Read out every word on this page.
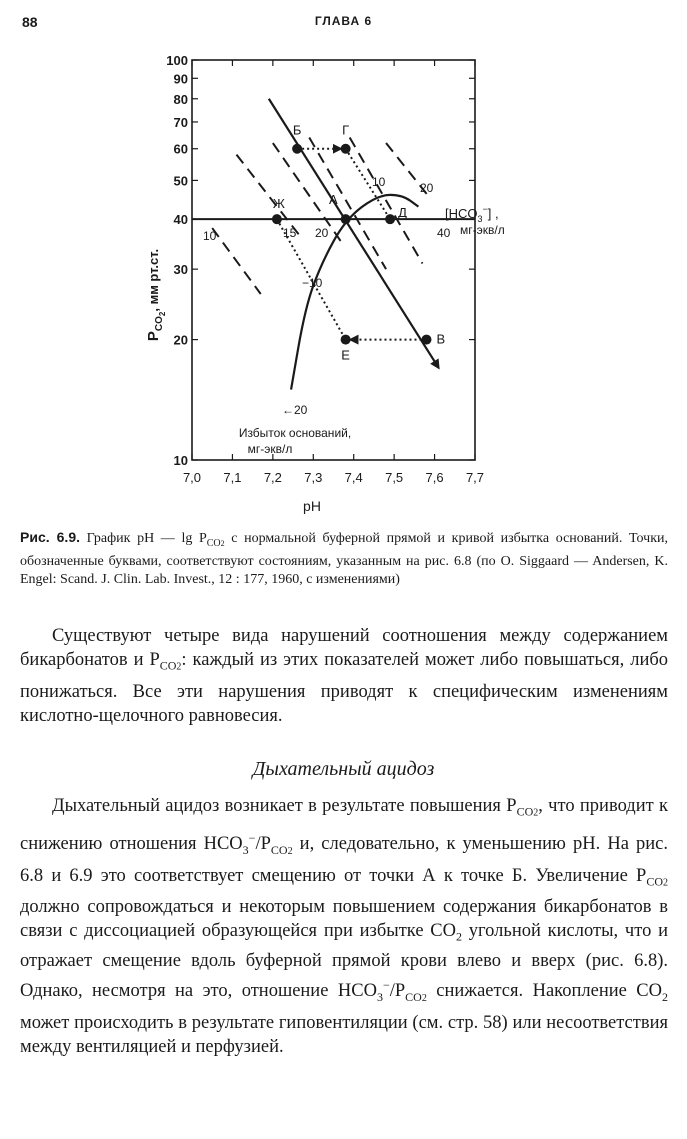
88	ГЛАВА 6
7,0 7,1 7,2 7,3 7,4 7,5 7,6 7,7
10
20
30
40
50
60
70
80
90
100
А
Б
В
Г
Д
Е
Ж
$P_{CO2}$, мм рт.ст.
pH
$[HCO_3^-]$ ,
мг-экв/л
10	15 20	40
10	20
−10
←20
Избыток оснований,
мг-экв/л
Рис. 6.9. График pH — $\lg P_{CO2}$ с нормальной буферной прямой и кривой избытка оснований. Точки, обозначенные буквами, соответствуют состояниям, указанным на рис. 6.8 (по O. Siggaard — Andersen, K. Engel: Scand. J. Clin. Lab. Invest., 12 : 177, 1960, с изменениями)
Существуют четыре вида нарушений соотношения между содержанием бикарбонатов и $P_{CO2}$: каждый из этих показателей может либо повышаться, либо понижаться. Все эти нарушения приводят к специфическим изменениям кислотно-щелочного равновесия.
Дыхательный ацидоз
Дыхательный ацидоз возникает в результате повышения $P_{CO2}$, что приводит к снижению отношения $HCO_3^-/P_{CO2}$ и, следовательно, к уменьшению pH. На рис. 6.8 и 6.9 это соответствует смещению от точки А к точке Б. Увеличение $P_{CO2}$ должно сопровождаться и некоторым повышением содержания бикарбонатов в связи с диссоциацией образующейся при избытке $CO_2$ угольной кислоты, что и отражает смещение вдоль буферной прямой крови влево и вверх (рис. 6.8). Однако, несмотря на это, отношение $HCO_3^-/P_{CO2}$ снижается. Накопление $CO_2$ может происходить в результате гиповентиляции (см. стр. 58) или несоответствия между вентиляцией и перфузией.
